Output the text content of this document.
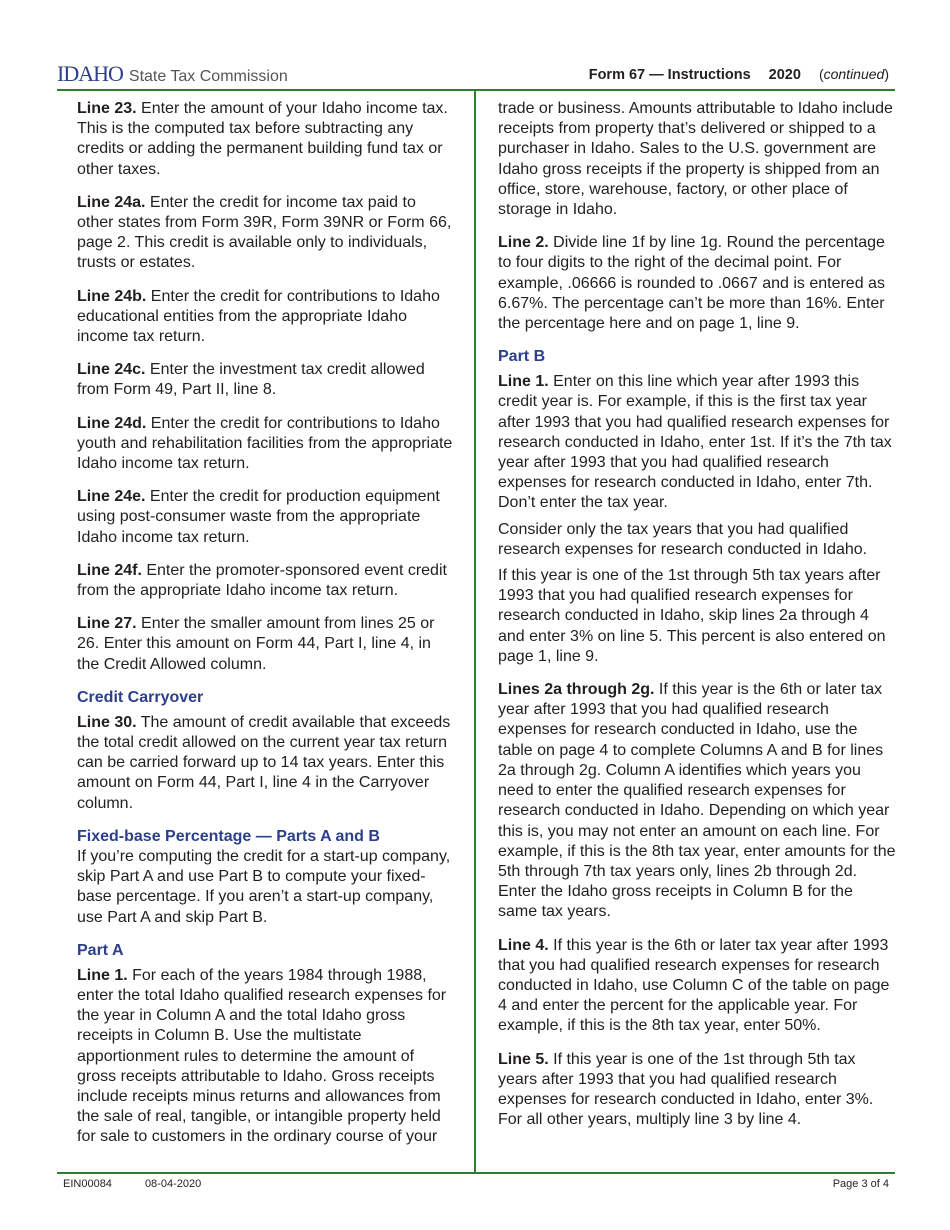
IDAHO State Tax Commission	Form 67 — Instructions 2020 (continued)

Line 23. Enter the amount of your Idaho income tax. This is the computed tax before subtracting any credits or adding the permanent building fund tax or other taxes.

Line 24a. Enter the credit for income tax paid to other states from Form 39R, Form 39NR or Form 66, page 2. This credit is available only to individuals, trusts or estates.

Line 24b. Enter the credit for contributions to Idaho educational entities from the appropriate Idaho income tax return.

Line 24c. Enter the investment tax credit allowed from Form 49, Part II, line 8.

Line 24d. Enter the credit for contributions to Idaho youth and rehabilitation facilities from the appropriate Idaho income tax return.

Line 24e. Enter the credit for production equipment using post-consumer waste from the appropriate Idaho income tax return.

Line 24f. Enter the promoter-sponsored event credit from the appropriate Idaho income tax return.

Line 27. Enter the smaller amount from lines 25 or 26. Enter this amount on Form 44, Part I, line 4, in the Credit Allowed column.

Credit Carryover

Line 30. The amount of credit available that exceeds the total credit allowed on the current year tax return can be carried forward up to 14 tax years. Enter this amount on Form 44, Part I, line 4 in the Carryover column.

Fixed-base Percentage — Parts A and B

If you’re computing the credit for a start-up company, skip Part A and use Part B to compute your fixed-base percentage. If you aren’t a start-up company, use Part A and skip Part B.

Part A

Line 1. For each of the years 1984 through 1988, enter the total Idaho qualified research expenses for the year in Column A and the total Idaho gross receipts in Column B. Use the multistate apportionment rules to determine the amount of gross receipts attributable to Idaho. Gross receipts include receipts minus returns and allowances from the sale of real, tangible, or intangible property held for sale to customers in the ordinary course of your

trade or business. Amounts attributable to Idaho include receipts from property that’s delivered or shipped to a purchaser in Idaho. Sales to the U.S. government are Idaho gross receipts if the property is shipped from an office, store, warehouse, factory, or other place of storage in Idaho.

Line 2. Divide line 1f by line 1g. Round the percentage to four digits to the right of the decimal point. For example, .06666 is rounded to .0667 and is entered as 6.67%. The percentage can’t be more than 16%. Enter the percentage here and on page 1, line 9.

Part B

Line 1. Enter on this line which year after 1993 this credit year is. For example, if this is the first tax year after 1993 that you had qualified research expenses for research conducted in Idaho, enter 1st. If it’s the 7th tax year after 1993 that you had qualified research expenses for research conducted in Idaho, enter 7th. Don’t enter the tax year.

Consider only the tax years that you had qualified research expenses for research conducted in Idaho.

If this year is one of the 1st through 5th tax years after 1993 that you had qualified research expenses for research conducted in Idaho, skip lines 2a through 4 and enter 3% on line 5. This percent is also entered on page 1, line 9.

Lines 2a through 2g. If this year is the 6th or later tax year after 1993 that you had qualified research expenses for research conducted in Idaho, use the table on page 4 to complete Columns A and B for lines 2a through 2g. Column A identifies which years you need to enter the qualified research expenses for research conducted in Idaho. Depending on which year this is, you may not enter an amount on each line. For example, if this is the 8th tax year, enter amounts for the 5th through 7th tax years only, lines 2b through 2d. Enter the Idaho gross receipts in Column B for the same tax years.

Line 4. If this year is the 6th or later tax year after 1993 that you had qualified research expenses for research conducted in Idaho, use Column C of the table on page 4 and enter the percent for the applicable year. For example, if this is the 8th tax year, enter 50%.

Line 5. If this year is one of the 1st through 5th tax years after 1993 that you had qualified research expenses for research conducted in Idaho, enter 3%. For all other years, multiply line 3 by line 4.

EIN00084	08-04-2020	Page 3 of 4
